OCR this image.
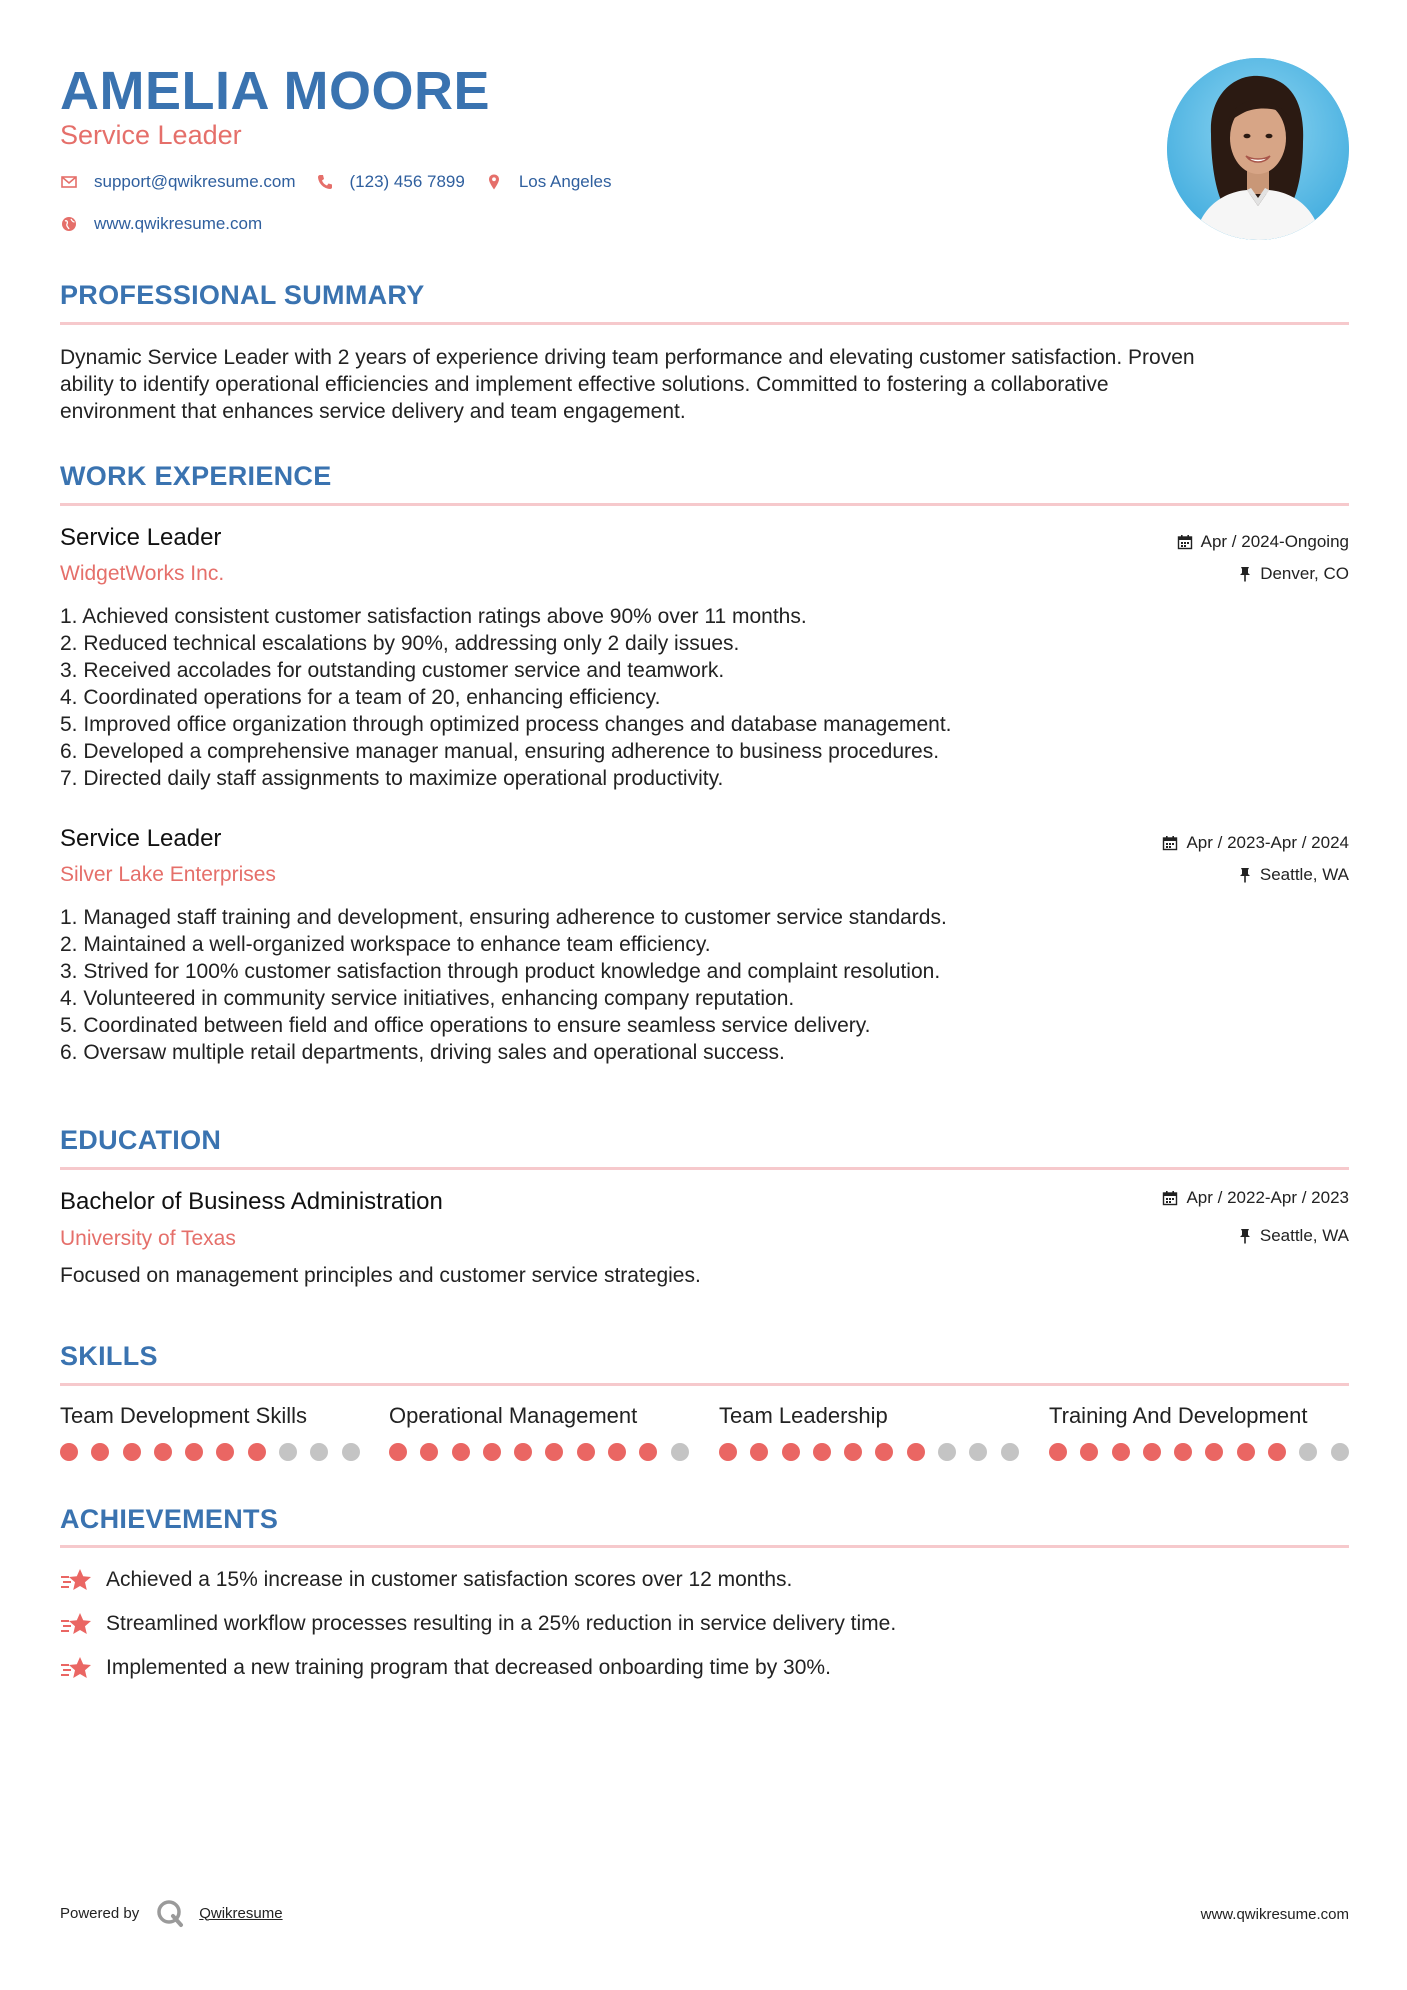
AMELIA MOORE
Service Leader
support@qwikresume.com	(123) 456 7899	Los Angeles
www.qwikresume.com
PROFESSIONAL SUMMARY
Dynamic Service Leader with 2 years of experience driving team performance and elevating customer satisfaction. Proven
ability to identify operational efficiencies and implement effective solutions. Committed to fostering a collaborative
environment that enhances service delivery and team engagement.
WORK EXPERIENCE
Service Leader
WidgetWorks Inc.
Apr / 2024-Ongoing
Denver, CO
1. Achieved consistent customer satisfaction ratings above 90% over 11 months.
2. Reduced technical escalations by 90%, addressing only 2 daily issues.
3. Received accolades for outstanding customer service and teamwork.
4. Coordinated operations for a team of 20, enhancing efficiency.
5. Improved office organization through optimized process changes and database management.
6. Developed a comprehensive manager manual, ensuring adherence to business procedures.
7. Directed daily staff assignments to maximize operational productivity.
Service Leader
Silver Lake Enterprises
Apr / 2023-Apr / 2024
Seattle, WA
1. Managed staff training and development, ensuring adherence to customer service standards.
2. Maintained a well-organized workspace to enhance team efficiency.
3. Strived for 100% customer satisfaction through product knowledge and complaint resolution.
4. Volunteered in community service initiatives, enhancing company reputation.
5. Coordinated between field and office operations to ensure seamless service delivery.
6. Oversaw multiple retail departments, driving sales and operational success.
EDUCATION
Bachelor of Business Administration
University of Texas
Apr / 2022-Apr / 2023
Seattle, WA
Focused on management principles and customer service strategies.
SKILLS
Team Development Skills	Operational Management	Team Leadership	Training And Development
ACHIEVEMENTS
Achieved a 15% increase in customer satisfaction scores over 12 months.
Streamlined workflow processes resulting in a 25% reduction in service delivery time.
Implemented a new training program that decreased onboarding time by 30%.
Powered by	Qwikresume	www.qwikresume.com
